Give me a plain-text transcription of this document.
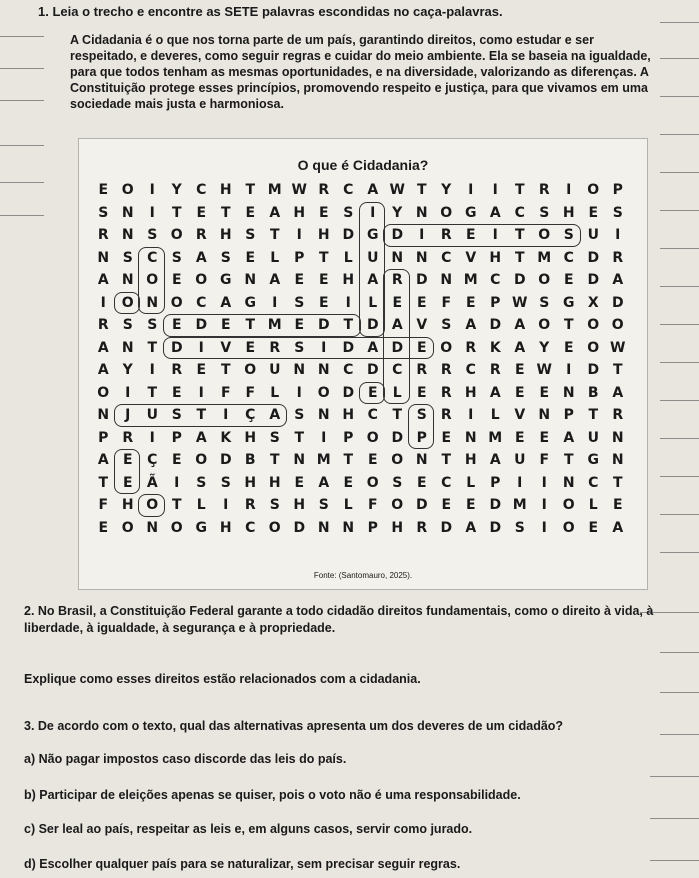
1. Leia o trecho e encontre as SETE palavras escondidas no caça-palavras.
A Cidadania é o que nos torna parte de um país, garantindo direitos, como estudar e ser respeitado, e deveres, como seguir regras e cuidar do meio ambiente. Ela se baseia na igualdade, para que todos tenham as mesmas oportunidades, e na diversidade, valorizando as diferenças. A Constituição protege esses princípios, promovendo respeito e justiça, para que vivamos em uma sociedade mais justa e harmoniosa.
O que é Cidadania?
E O	I	Y	C H T M W R C A W T	Y	I	I	T	R	I	O P
S N	I	T	E	T	E	A H E	S	I	Y N O G A C	S H E	S
R N S O R H S	T	I	H D G D	I	R	E	I	T O S U	I
N S	C	S	A	S	E	L	P	T	L	U N N C V H T M C D R
A N O E O G N A	E	E H A R D N M C D O E D A
I	O N O C A G	I	S	E	I	L	E	E	F	E	P W S G X D
R	S	S	E D E	T M E D T D A V	S	A D A O T O O
A N T D	I	V	E	R	S	I	D A D E O R K A	Y	E O W
A	Y	I	R	E	T O U N N C D C R R C R	E W	I	D T
O	I	T	E	I	F	F	L	I	O D E	L	E	R H A	E	E N B A
N	J	U S	T	I	Ç A	S N H C	T	S	R	I	L	V N P	T	R
P R	I	P A K H S	T	I	P O D P	E N M E	E	A U N
A	E	Ç	E O D B	T N M T	E O N T H A U	F	T G N
T	E	Ã	I	S	S H H E	A	E O S	E	C	L	P	I	I	N C	T
F H O T	L	I	R	S H S	L	F O D E	E D M	I	O	L	E
E O N O G H C O D N N P H R D A D S	I	O E	A
Fonte: (Santomauro, 2025).
2. No Brasil, a Constituição Federal garante a todo cidadão direitos fundamentais, como o direito à vida, à liberdade, à igualdade, à segurança e à propriedade.
Explique como esses direitos estão relacionados com a cidadania.
3. De acordo com o texto, qual das alternativas apresenta um dos deveres de um cidadão?
a) Não pagar impostos caso discorde das leis do país.
b) Participar de eleições apenas se quiser, pois o voto não é uma responsabilidade.
c) Ser leal ao país, respeitar as leis e, em alguns casos, servir como jurado.
d) Escolher qualquer país para se naturalizar, sem precisar seguir regras.
